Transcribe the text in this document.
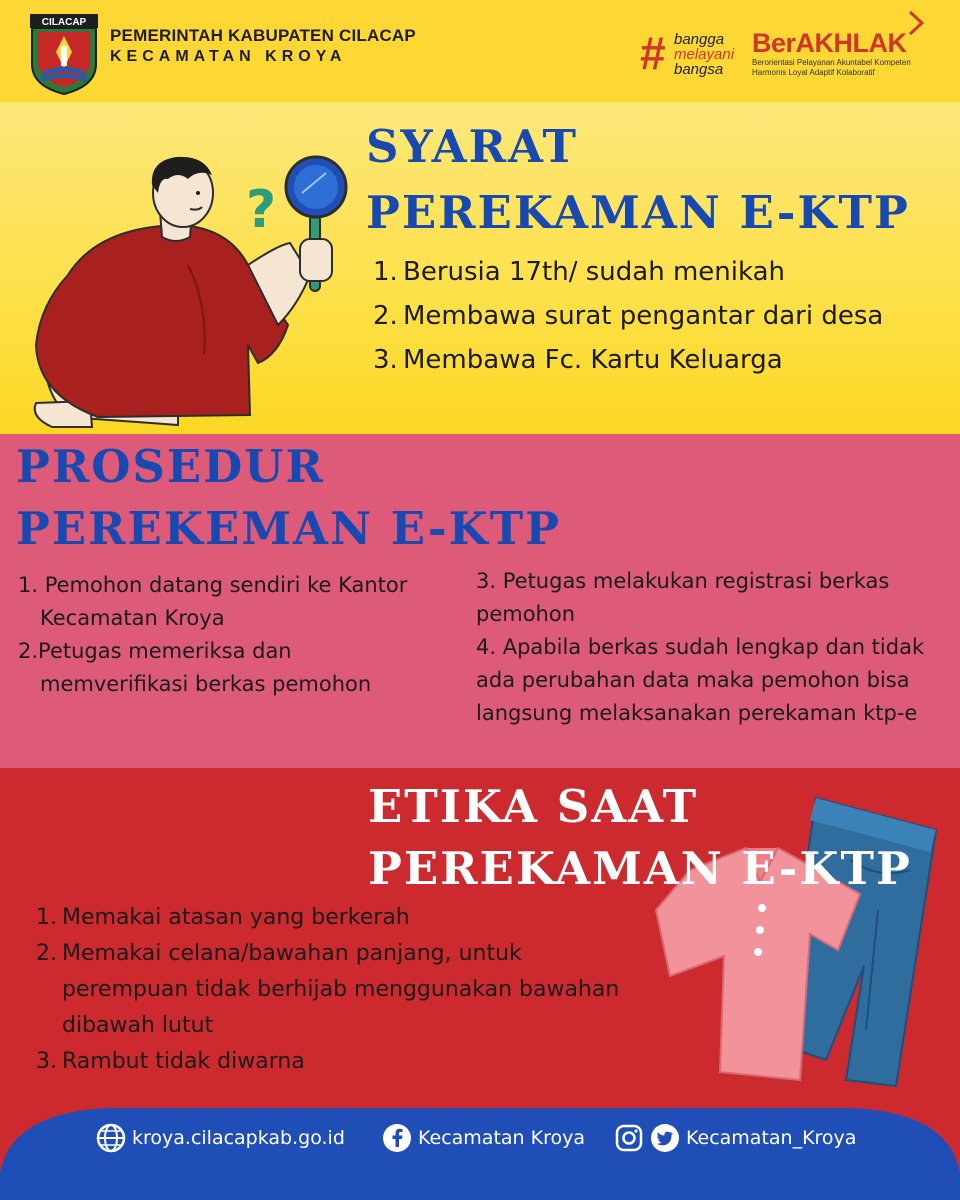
CILACAP
PEMERINTAH KABUPATEN CILACAP
KECAMATAN KROYA	# bangga
melayani
bangsa
BerAKHLAK
Berorientasi Pelayanan Akuntabel Kompeten
Harmonis Loyal Adaptif Kolaboratif
?
SYARAT
PEREKAMAN E-KTP
1. Berusia 17th/ sudah menikah
2. Membawa surat pengantar dari desa
3. Membawa Fc. Kartu Keluarga
PROSEDUR
PEREKEMAN E-KTP
1. Pemohon datang sendiri ke Kantor
Kecamatan Kroya
2.Petugas memeriksa dan
memverifikasi berkas pemohon
3. Petugas melakukan registrasi berkas
pemohon
4. Apabila berkas sudah lengkap dan tidak
ada perubahan data maka pemohon bisa
langsung melaksanakan perekaman ktp-e
ETIKA SAAT
PEREKAMAN E-KTP
1. Memakai atasan yang berkerah
2. Memakai celana/bawahan panjang, untuk
perempuan tidak berhijab menggunakan bawahan
dibawah lutut
3. Rambut tidak diwarna
kroya.cilacapkab.go.id	Kecamatan Kroya	Kecamatan_Kroya
